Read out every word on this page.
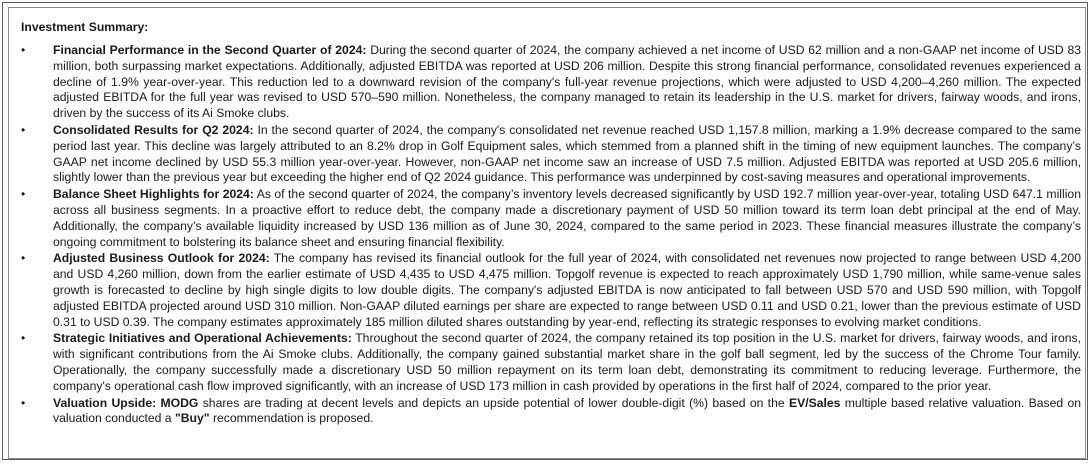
Investment Summary:
• Financial Performance in the Second Quarter of 2024: During the second quarter of 2024, the company achieved a net income of USD 62 million and a non-GAAP net income of USD 83 million, both surpassing market expectations. Additionally, adjusted EBITDA was reported at USD 206 million. Despite this strong financial performance, consolidated revenues experienced a decline of 1.9% year-over-year. This reduction led to a downward revision of the company's full-year revenue projections, which were adjusted to USD 4,200–4,260 million. The expected adjusted EBITDA for the full year was revised to USD 570–590 million. Nonetheless, the company managed to retain its leadership in the U.S. market for drivers, fairway woods, and irons, driven by the success of its Ai Smoke clubs.
• Consolidated Results for Q2 2024: In the second quarter of 2024, the company's consolidated net revenue reached USD 1,157.8 million, marking a 1.9% decrease compared to the same period last year. This decline was largely attributed to an 8.2% drop in Golf Equipment sales, which stemmed from a planned shift in the timing of new equipment launches. The company’s GAAP net income declined by USD 55.3 million year-over-year. However, non-GAAP net income saw an increase of USD 7.5 million. Adjusted EBITDA was reported at USD 205.6 million, slightly lower than the previous year but exceeding the higher end of Q2 2024 guidance. This performance was underpinned by cost-saving measures and operational improvements.
• Balance Sheet Highlights for 2024: As of the second quarter of 2024, the company’s inventory levels decreased significantly by USD 192.7 million year-over-year, totaling USD 647.1 million across all business segments. In a proactive effort to reduce debt, the company made a discretionary payment of USD 50 million toward its term loan debt principal at the end of May. Additionally, the company’s available liquidity increased by USD 136 million as of June 30, 2024, compared to the same period in 2023. These financial measures illustrate the company’s ongoing commitment to bolstering its balance sheet and ensuring financial flexibility.
• Adjusted Business Outlook for 2024: The company has revised its financial outlook for the full year of 2024, with consolidated net revenues now projected to range between USD 4,200 and USD 4,260 million, down from the earlier estimate of USD 4,435 to USD 4,475 million. Topgolf revenue is expected to reach approximately USD 1,790 million, while same-venue sales growth is forecasted to decline by high single digits to low double digits. The company's adjusted EBITDA is now anticipated to fall between USD 570 and USD 590 million, with Topgolf adjusted EBITDA projected around USD 310 million. Non-GAAP diluted earnings per share are expected to range between USD 0.11 and USD 0.21, lower than the previous estimate of USD 0.31 to USD 0.39. The company estimates approximately 185 million diluted shares outstanding by year-end, reflecting its strategic responses to evolving market conditions.
• Strategic Initiatives and Operational Achievements: Throughout the second quarter of 2024, the company retained its top position in the U.S. market for drivers, fairway woods, and irons, with significant contributions from the Ai Smoke clubs. Additionally, the company gained substantial market share in the golf ball segment, led by the success of the Chrome Tour family. Operationally, the company successfully made a discretionary USD 50 million repayment on its term loan debt, demonstrating its commitment to reducing leverage. Furthermore, the company's operational cash flow improved significantly, with an increase of USD 173 million in cash provided by operations in the first half of 2024, compared to the prior year.
• Valuation Upside: MODG shares are trading at decent levels and depicts an upside potential of lower double-digit (%) based on the EV/Sales multiple based relative valuation. Based on valuation conducted a "Buy" recommendation is proposed.
